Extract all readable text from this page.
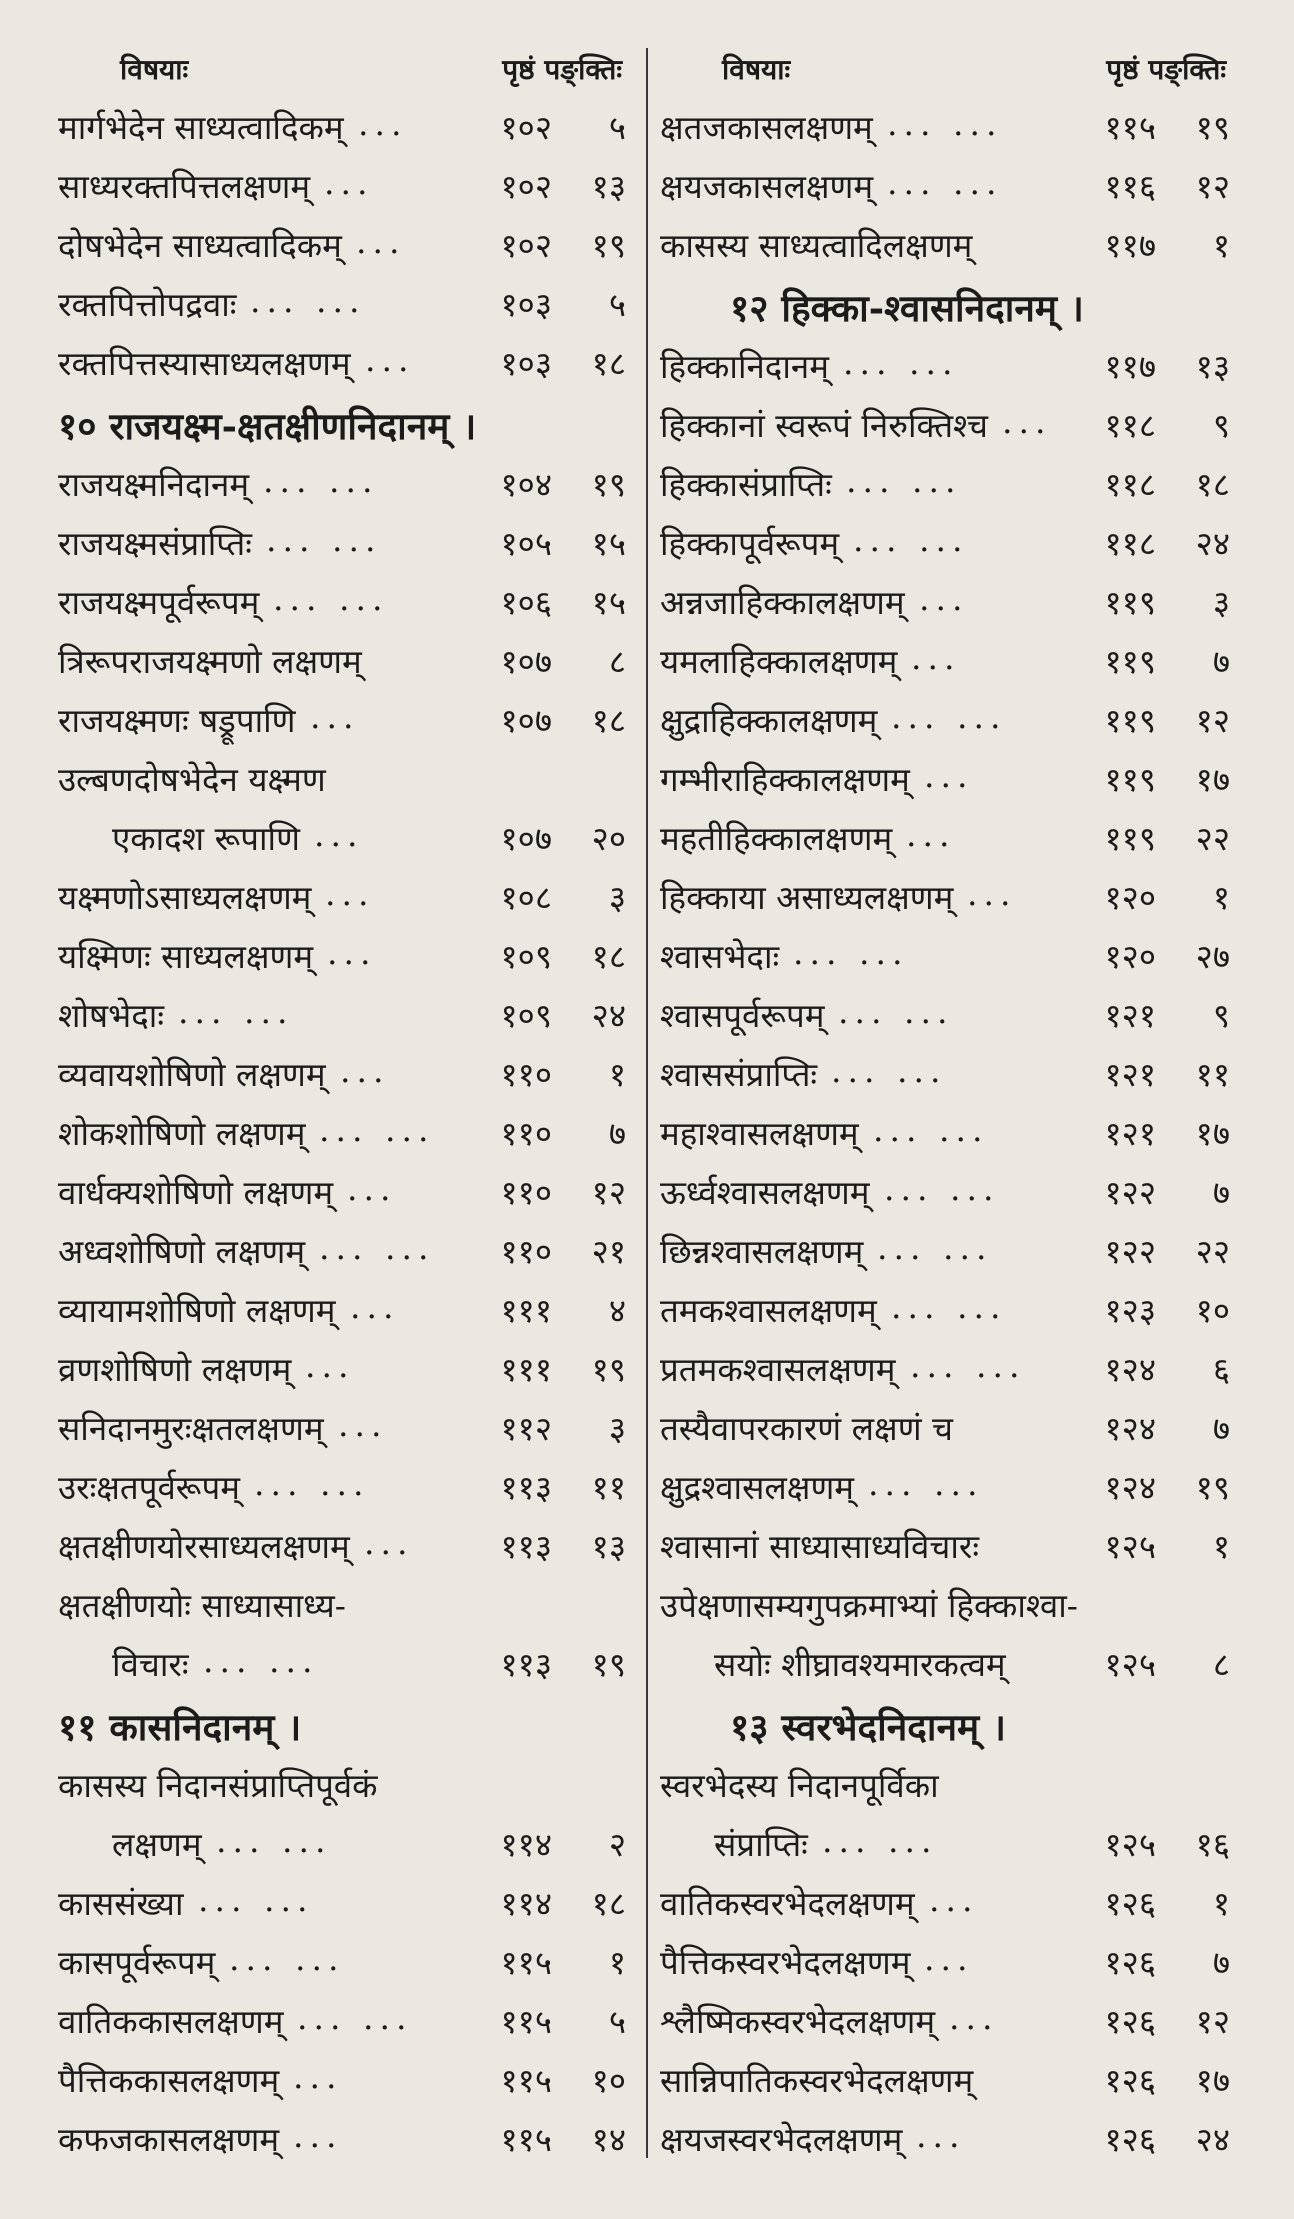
विषयाः	पृष्ठं पङ्क्तिः
मार्गभेदेन साध्यत्वादिकम् ...	१०२	५
साध्यरक्तपित्तलक्षणम् ...	१०२	१३
दोषभेदेन साध्यत्वादिकम् ...	१०२	१९
रक्तपित्तोपद्रवाः ... ...	१०३	५
रक्तपित्तस्यासाध्यलक्षणम् ...	१०३	१८
१० राजयक्ष्म-क्षतक्षीणनिदानम् ।
राजयक्ष्मनिदानम् ... ...	१०४	१९
राजयक्ष्मसंप्राप्तिः ... ...	१०५	१५
राजयक्ष्मपूर्वरूपम् ... ...	१०६	१५
त्रिरूपराजयक्ष्मणो लक्षणम्	१०७	८
राजयक्ष्मणः षड्रूपाणि ...	१०७	१८
उल्बणदोषभेदेन यक्ष्मण
एकादश रूपाणि ...	१०७	२०
यक्ष्मणोऽसाध्यलक्षणम् ...	१०८	३
यक्ष्मिणः साध्यलक्षणम् ...	१०९	१८
शोषभेदाः ... ...	१०९	२४
व्यवायशोषिणो लक्षणम् ...	११०	१
शोकशोषिणो लक्षणम् ... ...	११०	७
वार्धक्यशोषिणो लक्षणम् ...	११०	१२
अध्वशोषिणो लक्षणम् ... ...	११०	२१
व्यायामशोषिणो लक्षणम् ...	१११	४
व्रणशोषिणो लक्षणम् ...	१११	१९
सनिदानमुरःक्षतलक्षणम् ...	११२	३
उरःक्षतपूर्वरूपम् ... ...	११३	११
क्षतक्षीणयोरसाध्यलक्षणम् ...	११३	१३
क्षतक्षीणयोः साध्यासाध्य-
विचारः ... ...	११३	१९
११ कासनिदानम् ।
कासस्य निदानसंप्राप्तिपूर्वकं
लक्षणम् ... ...	११४	२
काससंख्या ... ...	११४	१८
कासपूर्वरूपम् ... ...	११५	१
वातिककासलक्षणम् ... ...	११५	५
पैत्तिककासलक्षणम् ...	११५	१०
कफजकासलक्षणम् ...	११५	१४
विषयाः	पृष्ठं पङ्क्तिः
क्षतजकासलक्षणम् ... ...	११५	१९
क्षयजकासलक्षणम् ... ...	११६	१२
कासस्य साध्यत्वादिलक्षणम्	११७	१
१२ हिक्का-श्वासनिदानम् ।
हिक्कानिदानम् ... ...	११७	१३
हिक्कानां स्वरूपं निरुक्तिश्च ...	११८	९
हिक्कासंप्राप्तिः ... ...	११८	१८
हिक्कापूर्वरूपम् ... ...	११८	२४
अन्नजाहिक्कालक्षणम् ...	११९	३
यमलाहिक्कालक्षणम् ...	११९	७
क्षुद्राहिक्कालक्षणम् ... ...	११९	१२
गम्भीराहिक्कालक्षणम् ...	११९	१७
महतीहिक्कालक्षणम् ...	११९	२२
हिक्काया असाध्यलक्षणम् ...	१२०	१
श्वासभेदाः ... ...	१२०	२७
श्वासपूर्वरूपम् ... ...	१२१	९
श्वाससंप्राप्तिः ... ...	१२१	११
महाश्वासलक्षणम् ... ...	१२१	१७
ऊर्ध्वश्वासलक्षणम् ... ...	१२२	७
छिन्नश्वासलक्षणम् ... ...	१२२	२२
तमकश्वासलक्षणम् ... ...	१२३	१०
प्रतमकश्वासलक्षणम् ... ...	१२४	६
तस्यैवापरकारणं लक्षणं च	१२४	७
क्षुद्रश्वासलक्षणम् ... ...	१२४	१९
श्वासानां साध्यासाध्यविचारः	१२५	१
उपेक्षणासम्यगुपक्रमाभ्यां हिक्काश्वा-
सयोः शीघ्रावश्यमारकत्वम्	१२५	८
१३ स्वरभेदनिदानम् ।
स्वरभेदस्य निदानपूर्विका
संप्राप्तिः ... ...	१२५	१६
वातिकस्वरभेदलक्षणम् ...	१२६	१
पैत्तिकस्वरभेदलक्षणम् ...	१२६	७
श्लैष्मिकस्वरभेदलक्षणम् ...	१२६	१२
सान्निपातिकस्वरभेदलक्षणम्	१२६	१७
क्षयजस्वरभेदलक्षणम् ...	१२६	२४
